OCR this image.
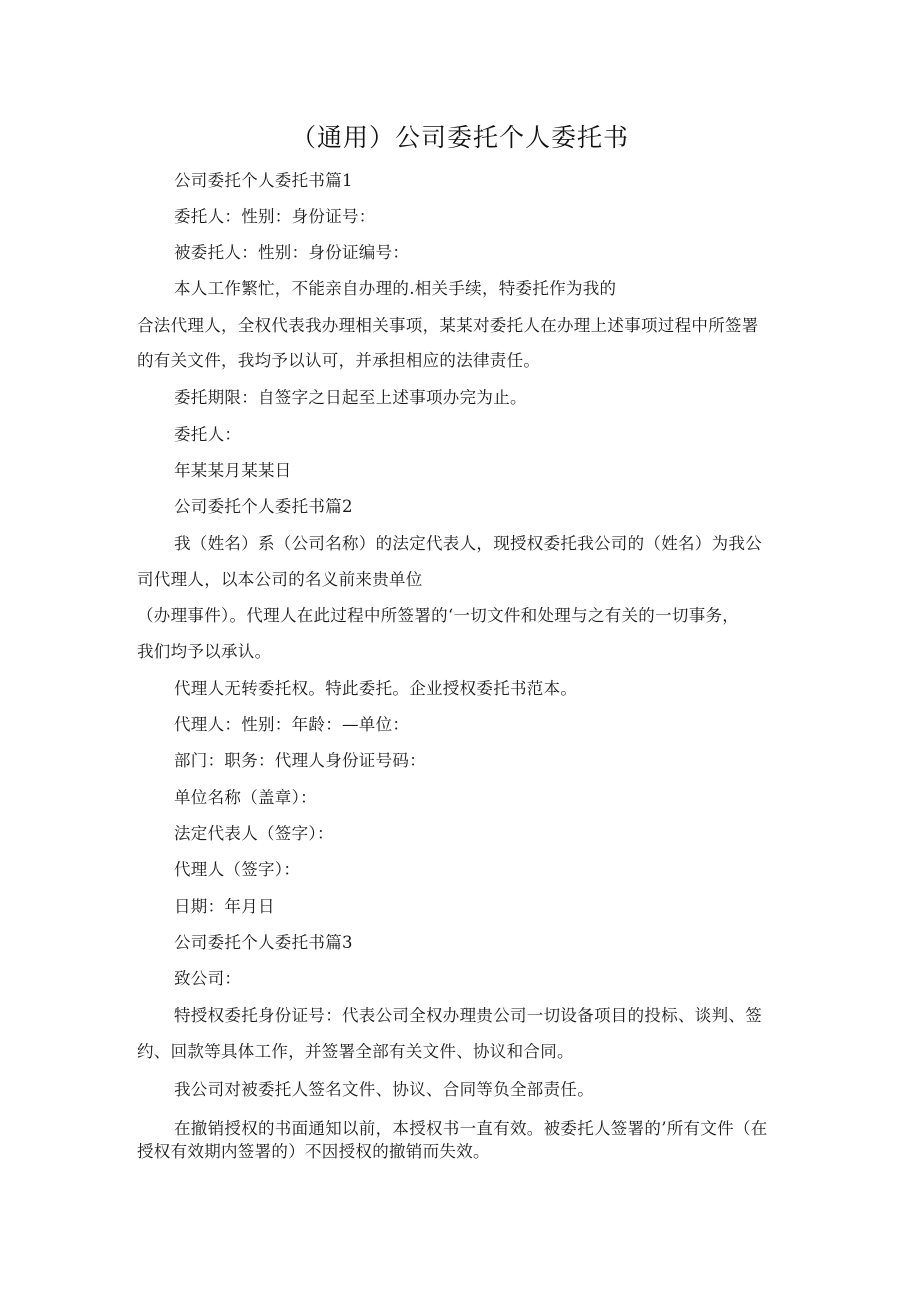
（通用）公司委托个人委托书
公司委托个人委托书篇1
委托人：性别：身份证号：
被委托人：性别：身份证编号：
本人工作繁忙，不能亲自办理的.相关手续，特委托作为我的
合法代理人，全权代表我办理相关事项，某某对委托人在办理上述事项过程中所签署
的有关文件，我均予以认可，并承担相应的法律责任。
委托期限：自签字之日起至上述事项办完为止。
委托人：
年某某月某某日
公司委托个人委托书篇2
我（姓名）系（公司名称）的法定代表人，现授权委托我公司的（姓名）为我公
司代理人，以本公司的名义前来贵单位
（办理事件）。代理人在此过程中所签署的‘一切文件和处理与之有关的一切事务，
我们均予以承认。
代理人无转委托权。特此委托。企业授权委托书范本。
代理人：性别：年龄：—单位：
部门：职务：代理人身份证号码：
单位名称（盖章）：
法定代表人（签字）：
代理人（签字）：
日期：年月日
公司委托个人委托书篇3
致公司：
特授权委托身份证号：代表公司全权办理贵公司一切设备项目的投标、谈判、签
约、回款等具体工作，并签署全部有关文件、协议和合同。
我公司对被委托人签名文件、协议、合同等负全部责任。
在撤销授权的书面通知以前，本授权书一直有效。被委托人签署的’所有文件（在
授权有效期内签署的）不因授权的撤销而失效。
